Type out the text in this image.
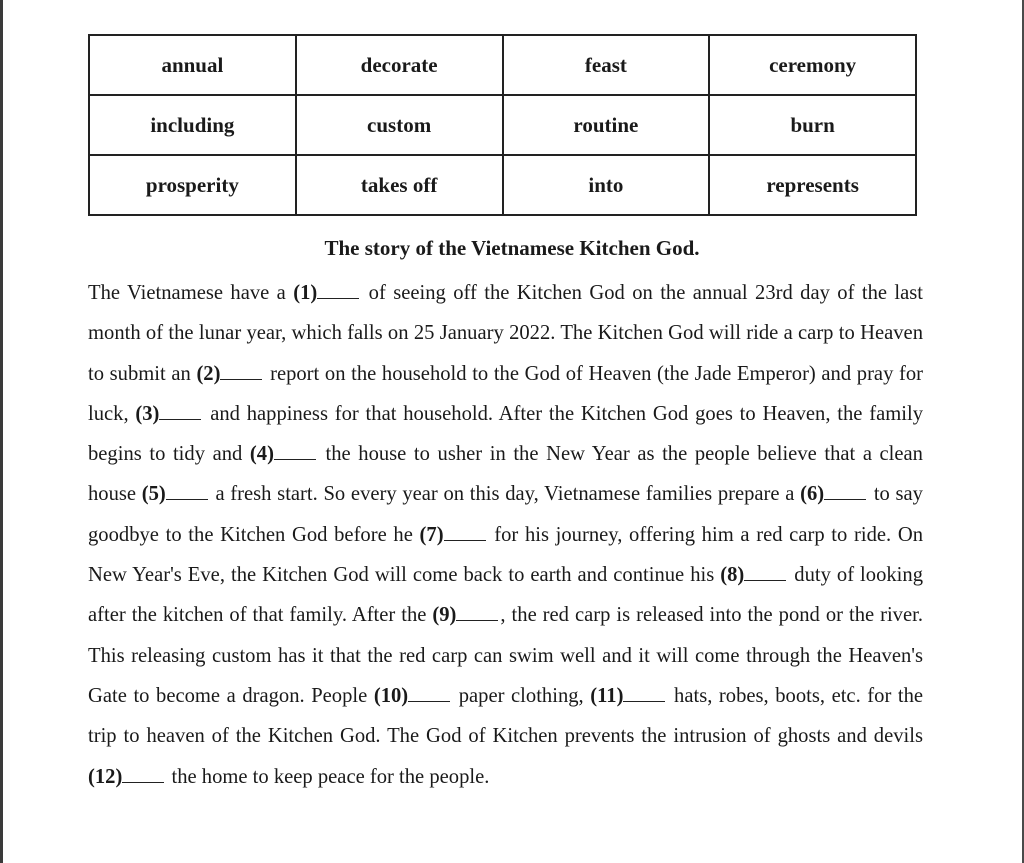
annual	decorate	feast	ceremony
including	custom	routine	burn
prosperity	takes off	into	represents
The story of the Vietnamese Kitchen God.

The Vietnamese have a (1) of seeing off the Kitchen God on the annual 23rd day of the last month of the lunar year, which falls on 25 January 2022. The Kitchen God will ride a carp to Heaven to submit an (2) report on the household to the God of Heaven (the Jade Emperor) and pray for luck, (3) and happiness for that household. After the Kitchen God goes to Heaven, the family begins to tidy and (4)	the house to usher in the New Year as the people believe that a clean house (5) a fresh start. So every year on this day, Vietnamese families prepare a (6) to say goodbye to the Kitchen God before he (7) for his journey, offering him a red carp to ride. On New Year's Eve, the Kitchen God will come back to earth and continue his (8) duty of looking after the kitchen of that family. After the (9) , the red carp is released into the pond or the river. This releasing custom has it that the red carp can swim well and it will come through the Heaven's Gate to become a dragon. People (10) paper clothing, (11) hats, robes, boots, etc. for the trip to heaven of the Kitchen God. The God of Kitchen prevents the intrusion of ghosts and devils (12) the home to keep peace for the people.
